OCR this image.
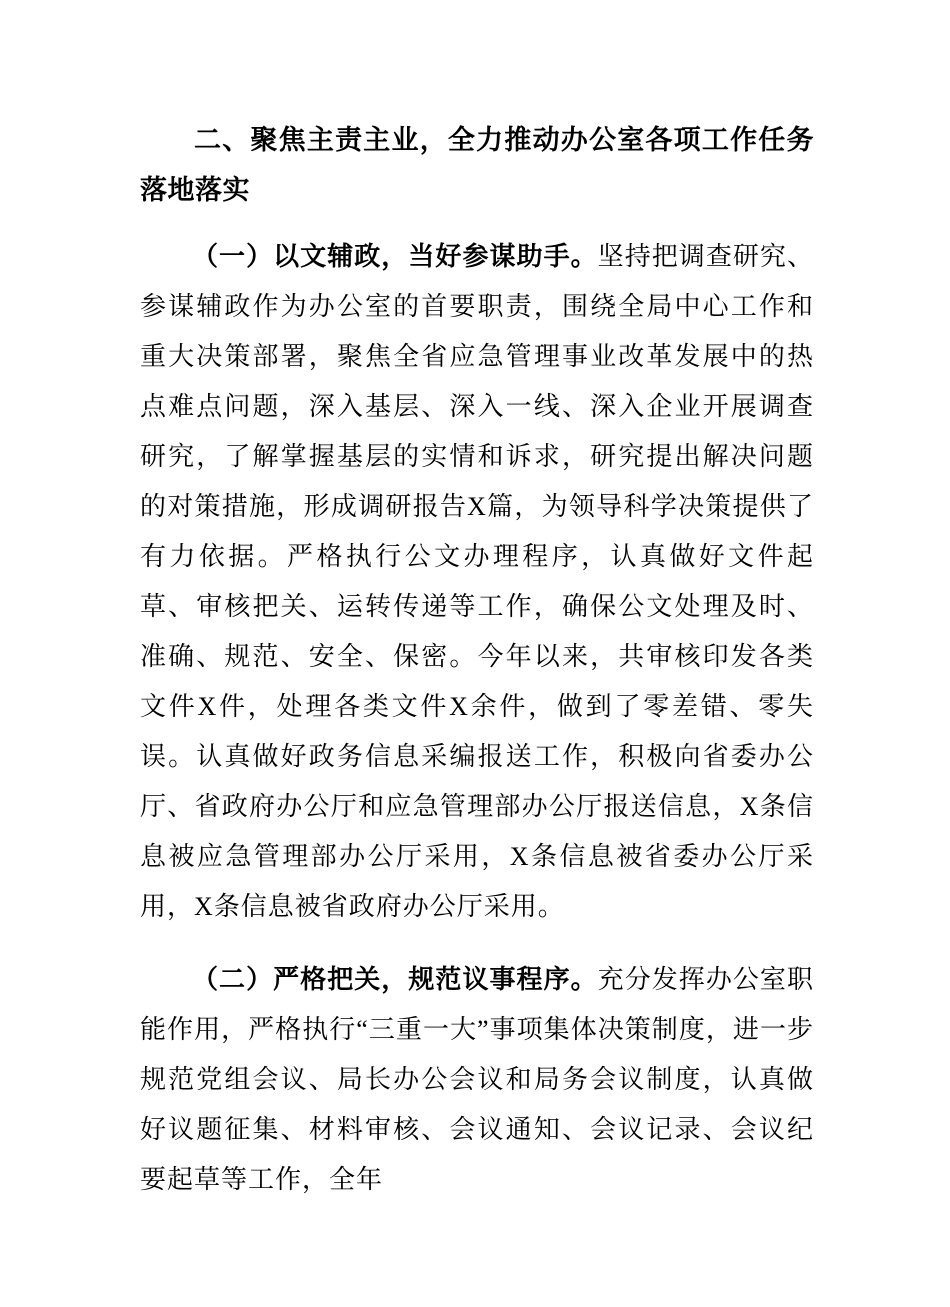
二、聚焦主责主业，全力推动办公室各项工作任务落地落实

（一）以文辅政，当好参谋助手。坚持把调查研究、参谋辅政作为办公室的首要职责，围绕全局中心工作和重大决策部署，聚焦全省应急管理事业改革发展中的热点难点问题，深入基层、深入一线、深入企业开展调查研究，了解掌握基层的实情和诉求，研究提出解决问题的对策措施，形成调研报告X篇，为领导科学决策提供了有力依据。严格执行公文办理程序，认真做好文件起草、审核把关、运转传递等工作，确保公文处理及时、准确、规范、安全、保密。今年以来，共审核印发各类文件X件，处理各类文件X余件，做到了零差错、零失误。认真做好政务信息采编报送工作，积极向省委办公厅、省政府办公厅和应急管理部办公厅报送信息，X条信息被应急管理部办公厅采用，X条信息被省委办公厅采用，X条信息被省政府办公厅采用。

（二）严格把关，规范议事程序。充分发挥办公室职能作用，严格执行“三重一大”事项集体决策制度，进一步规范党组会议、局长办公会议和局务会议制度，认真做好议题征集、材料审核、会议通知、会议记录、会议纪要起草等工作，全年
